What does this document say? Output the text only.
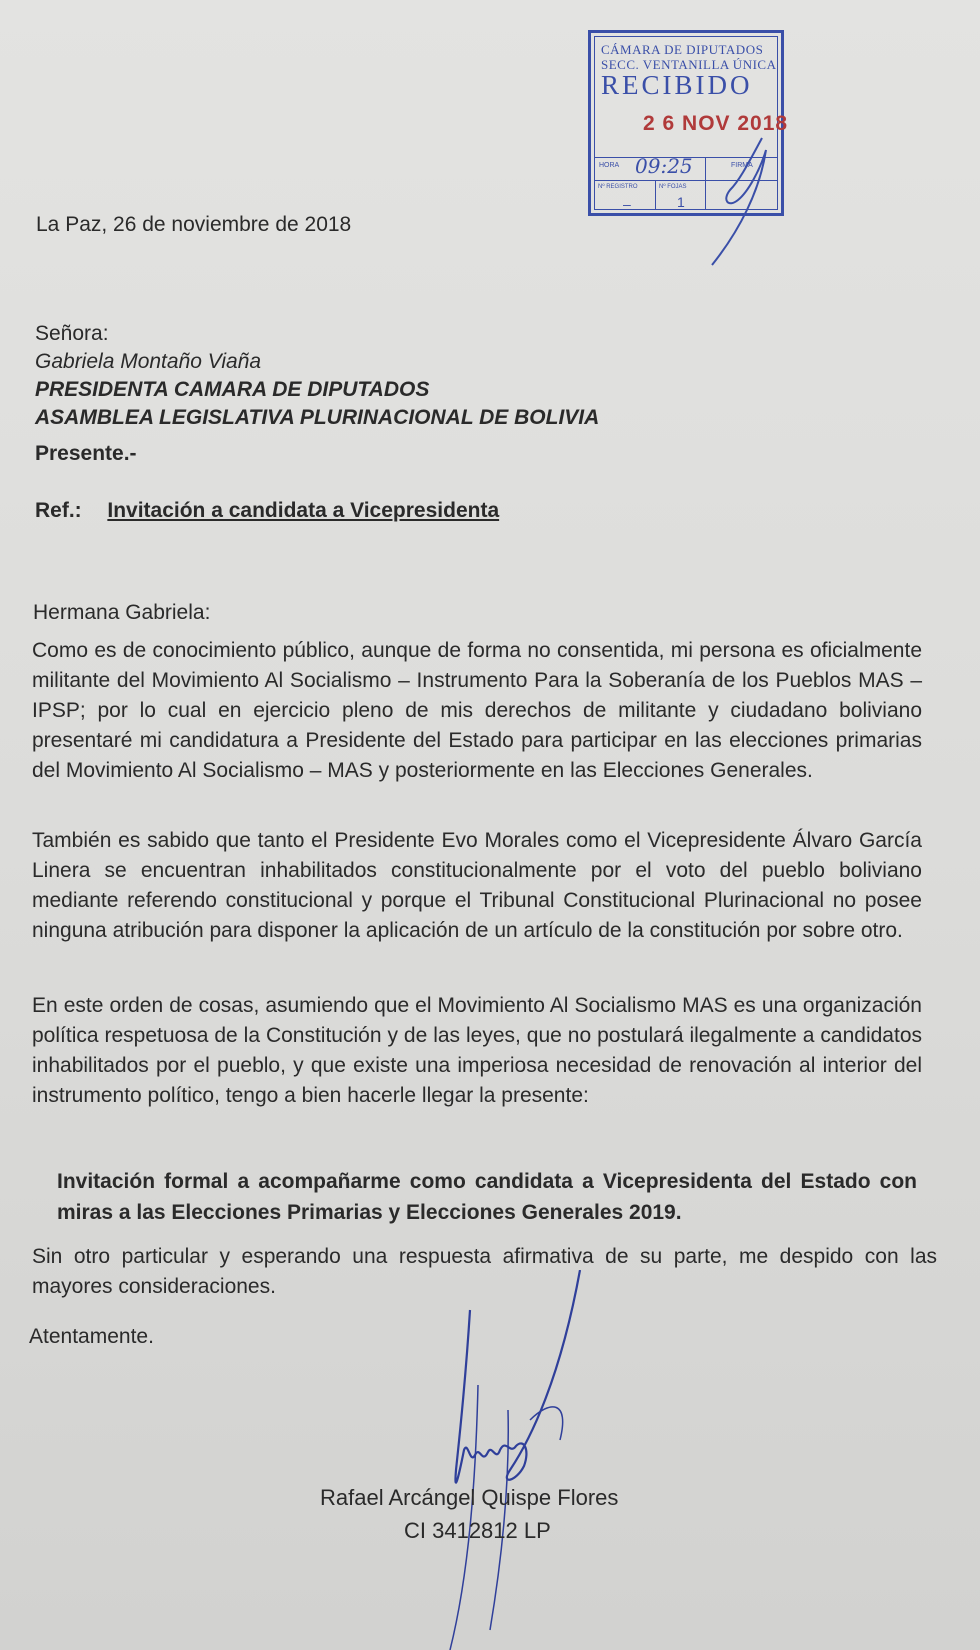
CÁMARA DE DIPUTADOS
SECC. VENTANILLA ÚNICA
RECIBIDO
2 6 NOV 2018
HORA 09:25	FIRMA
Nº REGISTRO
–
Nº FOJAS
1
La Paz, 26 de noviembre de 2018
Señora:
Gabriela Montaño Viaña
PRESIDENTA CAMARA DE DIPUTADOS
ASAMBLEA LEGISLATIVA PLURINACIONAL DE BOLIVIA
Presente.-
Ref.: Invitación a candidata a Vicepresidenta
Hermana Gabriela:

Como es de conocimiento público, aunque de forma no consentida, mi persona es oficialmente militante del Movimiento Al Socialismo – Instrumento Para la Soberanía de los Pueblos MAS – IPSP; por lo cual en ejercicio pleno de mis derechos de militante y ciudadano boliviano presentaré mi candidatura a Presidente del Estado para participar en las elecciones primarias del Movimiento Al Socialismo – MAS y posteriormente en las Elecciones Generales.

También es sabido que tanto el Presidente Evo Morales como el Vicepresidente Álvaro García Linera se encuentran inhabilitados constitucionalmente por el voto del pueblo boliviano mediante referendo constitucional y porque el Tribunal Constitucional Plurinacional no posee ninguna atribución para disponer la aplicación de un artículo de la constitución por sobre otro.

En este orden de cosas, asumiendo que el Movimiento Al Socialismo MAS es una organización política respetuosa de la Constitución y de las leyes, que no postulará ilegalmente a candidatos inhabilitados por el pueblo, y que existe una imperiosa necesidad de renovación al interior del instrumento político, tengo a bien hacerle llegar la presente:

Invitación formal a acompañarme como candidata a Vicepresidenta del Estado con miras a las Elecciones Primarias y Elecciones Generales 2019.

Sin otro particular y esperando una respuesta afirmativa de su parte, me despido con las mayores consideraciones.

Atentamente.
Rafael Arcángel Quispe Flores
CI 3412812 LP
